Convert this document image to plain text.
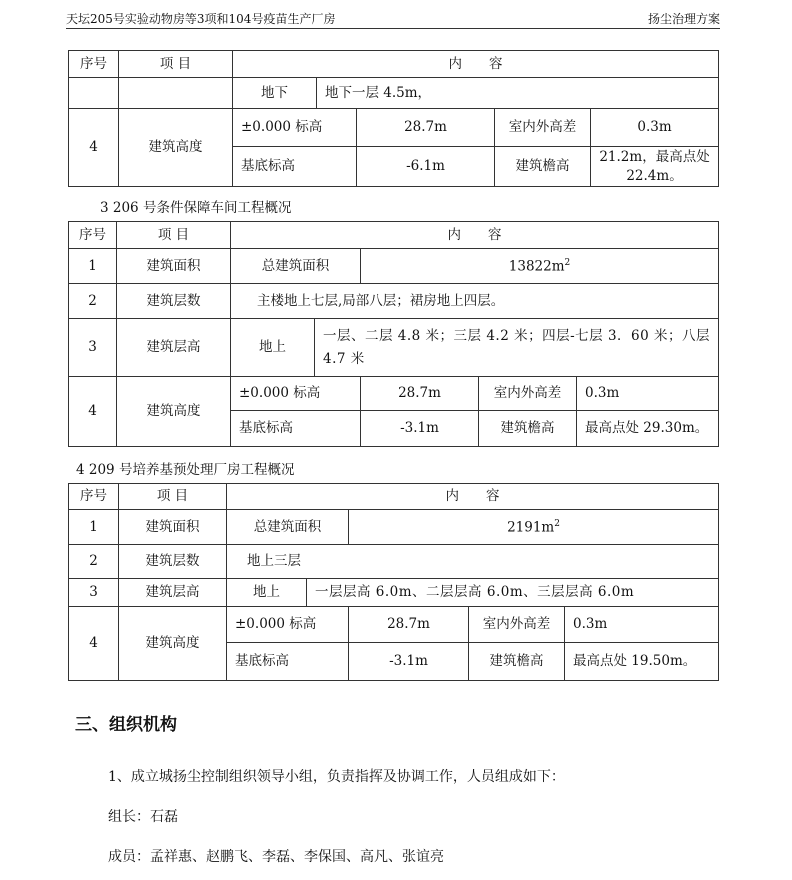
天坛205号实验动物房等3项和104号疫苗生产厂房	扬尘治理方案
序号	项 目	内　　容				
		地下	地下一层 4.5m，			
4	建筑高度	±0.000 标高		28.7m	室内外高差	0.3m
		基底标高		-6.1m	建筑檐高	21.2m，最高点处 22.4m。
3 206 号条件保障车间工程概况
序号	项 目	内　　容				
1	建筑面积	总建筑面积		$13822m^2$
2	建筑层数	主楼地上七层,局部八层；裙房地上四层。				
3	建筑层高	地上	一层、二层 4.8 米；三层 4.2 米；四层-七层 3．60 米；八层 4.7 米			
4	建筑高度	±0.000 标高		28.7m	室内外高差	0.3m
		基底标高		-3.1m	建筑檐高	最高点处 29.30m。
4 209 号培养基预处理厂房工程概况
序号	项 目	内　　容				
1	建筑面积	总建筑面积		$2191m^2$
2	建筑层数	地上三层				
3	建筑层高	地上	一层层高 6.0m、二层层高 6.0m、三层层高 6.0m			
4	建筑高度	±0.000 标高		28.7m	室内外高差	0.3m
		基底标高		-3.1m	建筑檐高	最高点处 19.50m。
三、组织机构
1、成立城扬尘控制组织领导小组，负责指挥及协调工作，人员组成如下：
组长：石磊
成员：孟祥惠、赵鹏飞、李磊、李保国、高凡、张谊亮
